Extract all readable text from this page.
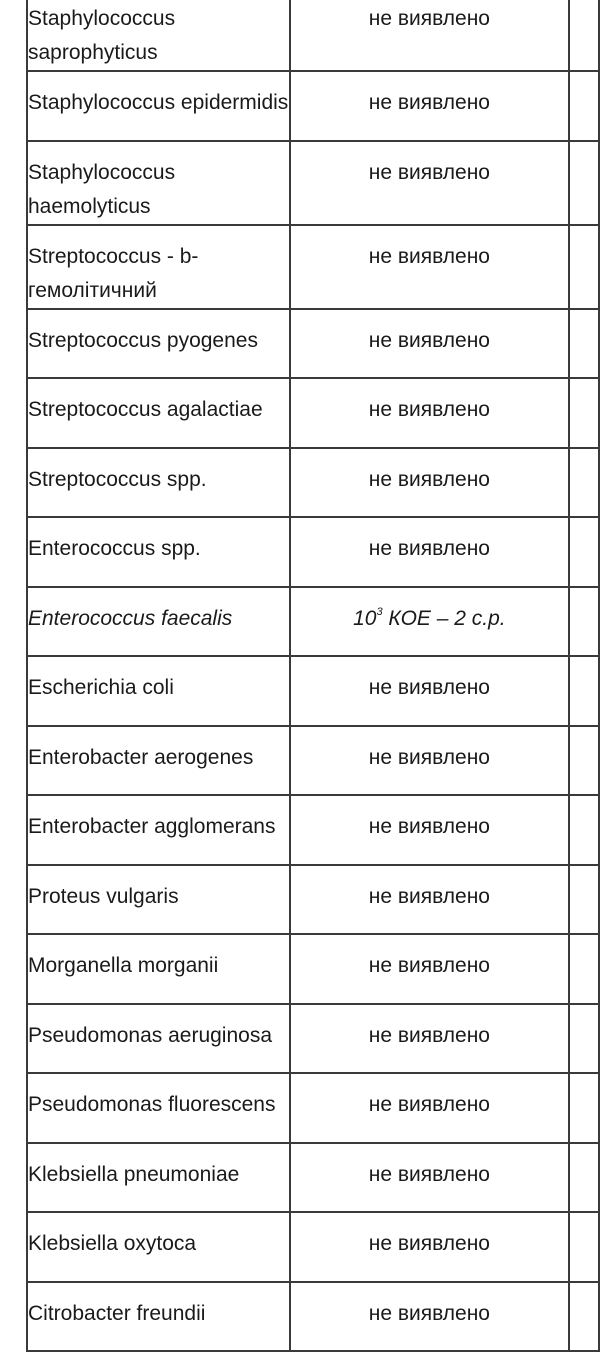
Staphylococcus saprophyticus	не виявлено	

Staphylococcus epidermidis	не виявлено	

Staphylococcus haemolyticus	не виявлено	

Streptococcus - b-гемолітичний	не виявлено	

Streptococcus pyogenes	не виявлено	

Streptococcus agalactiae	не виявлено	

Streptococcus spp.	не виявлено	

Enterococcus spp.	не виявлено	

Enterococcus faecalis	$10^3$ КОЕ – 2 с.р.	

Escherichia coli	не виявлено	

Enterobacter aerogenes	не виявлено	

Enterobacter agglomerans	не виявлено	

Proteus vulgaris	не виявлено	

Morganella morganii	не виявлено	

Pseudomonas aeruginosa	не виявлено	

Pseudomonas fluorescens	не виявлено	

Klebsiella pneumoniae	не виявлено	

Klebsiella oxytoca	не виявлено	

Citrobacter freundii	не виявлено	
